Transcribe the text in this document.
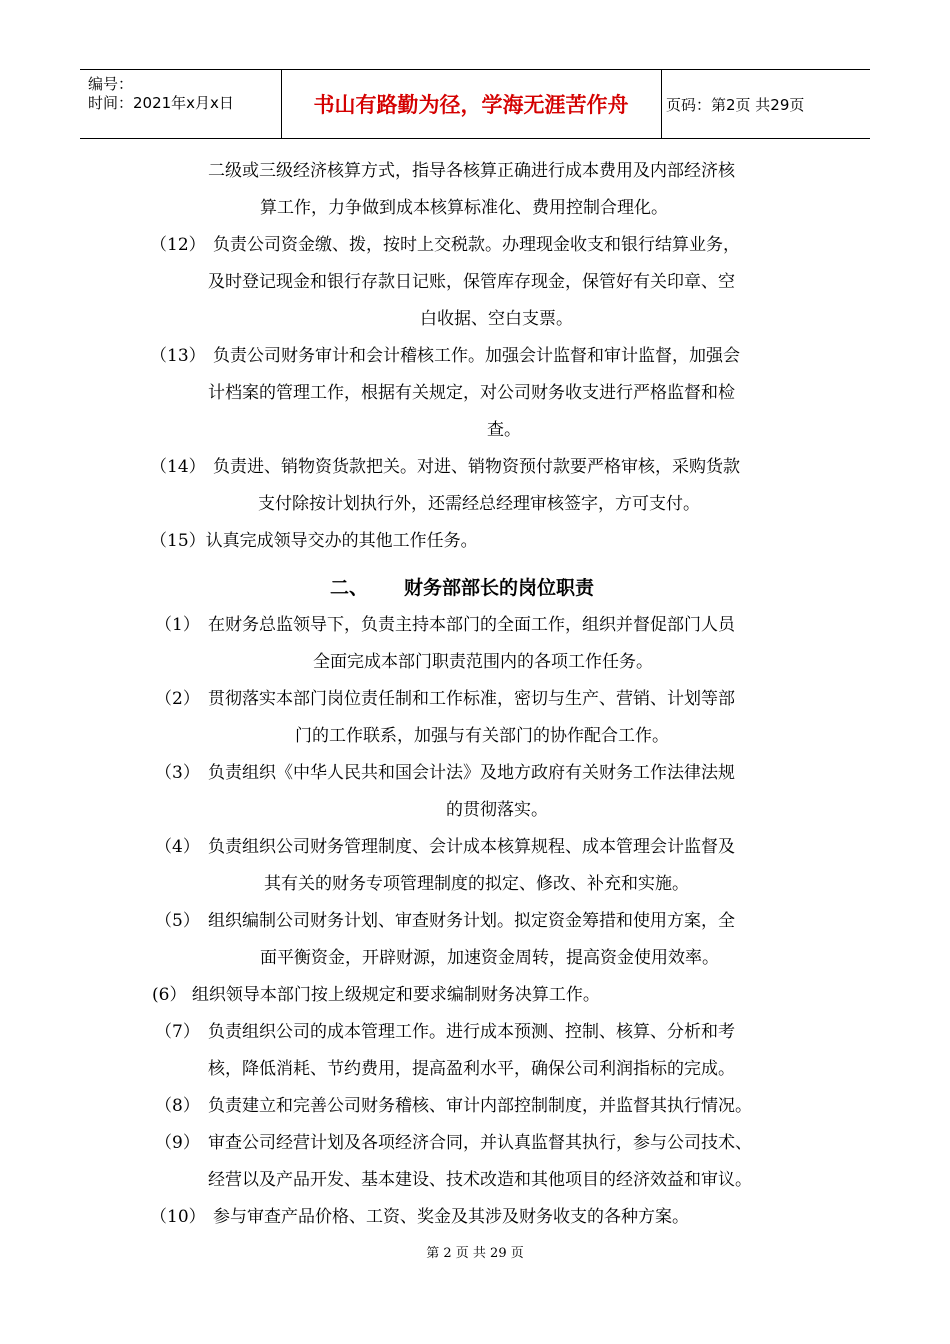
编号：
时间：2021年x月x日	书山有路勤为径，学海无涯苦作舟	页码：第2页 共29页
二级或三级经济核算方式，指导各核算正确进行成本费用及内部经济核
算工作，力争做到成本核算标准化、费用控制合理化。
（12） 负责公司资金缴、拨，按时上交税款。办理现金收支和银行结算业务，
及时登记现金和银行存款日记账，保管库存现金，保管好有关印章、空
白收据、空白支票。
（13） 负责公司财务审计和会计稽核工作。加强会计监督和审计监督，加强会
计档案的管理工作，根据有关规定，对公司财务收支进行严格监督和检
查。
（14） 负责进、销物资货款把关。对进、销物资预付款要严格审核，采购货款
支付除按计划执行外，还需经总经理审核签字，方可支付。
（15）认真完成领导交办的其他工作任务。
二、 财务部部长的岗位职责
（1） 在财务总监领导下，负责主持本部门的全面工作，组织并督促部门人员
全面完成本部门职责范围内的各项工作任务。
（2） 贯彻落实本部门岗位责任制和工作标准，密切与生产、营销、计划等部
门的工作联系，加强与有关部门的协作配合工作。
（3） 负责组织《中华人民共和国会计法》及地方政府有关财务工作法律法规
的贯彻落实。
（4） 负责组织公司财务管理制度、会计成本核算规程、成本管理会计监督及
其有关的财务专项管理制度的拟定、修改、补充和实施。
（5） 组织编制公司财务计划、审查财务计划。拟定资金筹措和使用方案，全
面平衡资金，开辟财源，加速资金周转，提高资金使用效率。
(6） 组织领导本部门按上级规定和要求编制财务决算工作。
（7） 负责组织公司的成本管理工作。进行成本预测、控制、核算、分析和考
核，降低消耗、节约费用，提高盈利水平，确保公司利润指标的完成。
（8） 负责建立和完善公司财务稽核、审计内部控制制度，并监督其执行情况。
（9） 审查公司经营计划及各项经济合同，并认真监督其执行，参与公司技术、
经营以及产品开发、基本建设、技术改造和其他项目的经济效益和审议。
（10） 参与审查产品价格、工资、奖金及其涉及财务收支的各种方案。
第 2 页 共 29 页
